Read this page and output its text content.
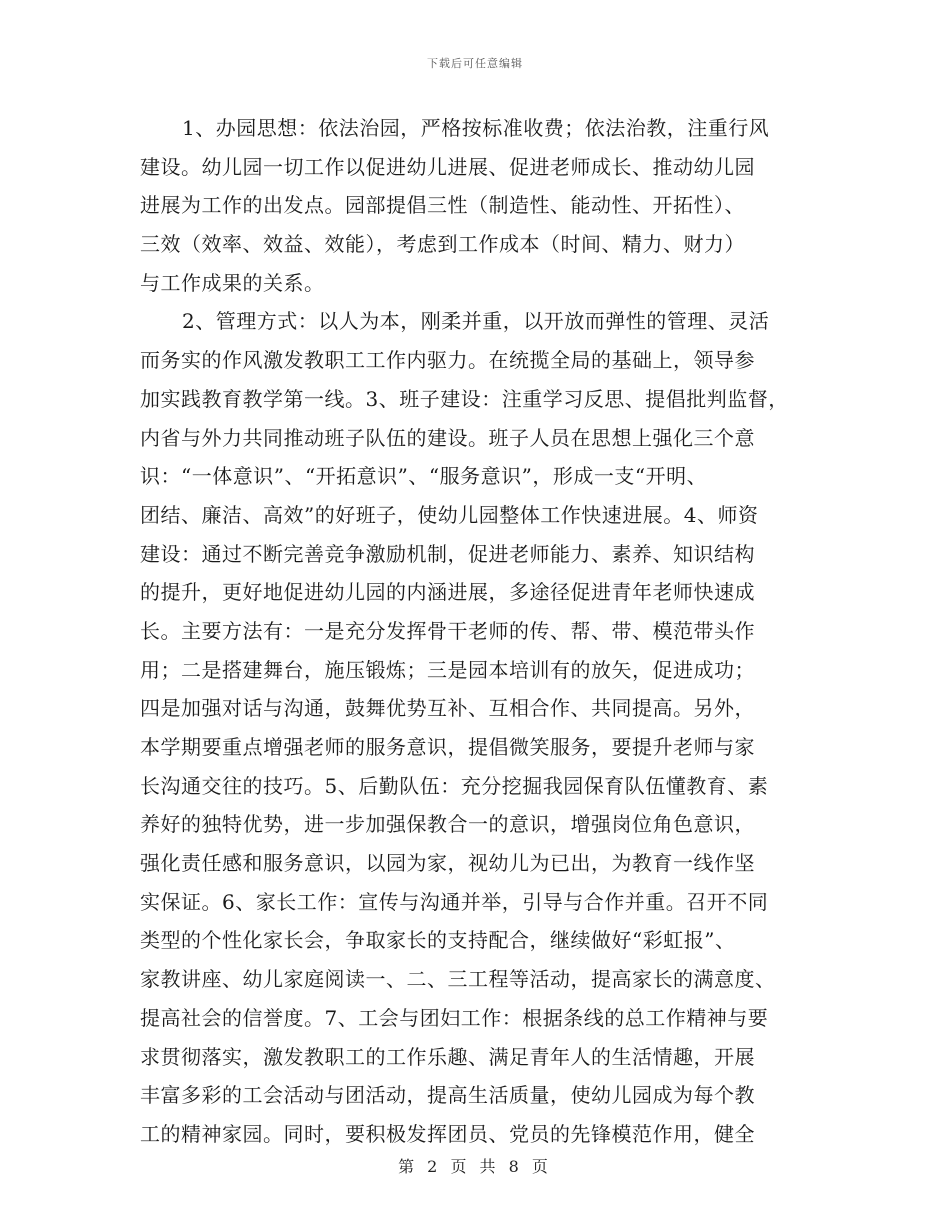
下载后可任意编辑
1、办园思想：依法治园，严格按标准收费；依法治教，注重行风
建设。幼儿园一切工作以促进幼儿进展、促进老师成长、推动幼儿园
进展为工作的出发点。园部提倡三性（制造性、能动性、开拓性）、
三效（效率、效益、效能），考虑到工作成本（时间、精力、财力）
与工作成果的关系。
2、管理方式：以人为本，刚柔并重，以开放而弹性的管理、灵活
而务实的作风激发教职工工作内驱力。在统揽全局的基础上，领导参
加实践教育教学第一线。3、班子建设：注重学习反思、提倡批判监督，
内省与外力共同推动班子队伍的建设。班子人员在思想上强化三个意
识：“一体意识”、“开拓意识”、“服务意识”，形成一支“开明、
团结、廉洁、高效”的好班子，使幼儿园整体工作快速进展。4、师资
建设：通过不断完善竞争激励机制，促进老师能力、素养、知识结构
的提升，更好地促进幼儿园的内涵进展，多途径促进青年老师快速成
长。主要方法有：一是充分发挥骨干老师的传、帮、带、模范带头作
用；二是搭建舞台，施压锻炼；三是园本培训有的放矢，促进成功；
四是加强对话与沟通，鼓舞优势互补、互相合作、共同提高。另外，
本学期要重点增强老师的服务意识，提倡微笑服务，要提升老师与家
长沟通交往的技巧。5、后勤队伍：充分挖掘我园保育队伍懂教育、素
养好的独特优势，进一步加强保教合一的意识，增强岗位角色意识，
强化责任感和服务意识，以园为家，视幼儿为已出，为教育一线作坚
实保证。6、家长工作：宣传与沟通并举，引导与合作并重。召开不同
类型的个性化家长会，争取家长的支持配合，继续做好“彩虹报”、
家教讲座、幼儿家庭阅读一、二、三工程等活动，提高家长的满意度、
提高社会的信誉度。7、工会与团妇工作：根据条线的总工作精神与要
求贯彻落实，激发教职工的工作乐趣、满足青年人的生活情趣，开展
丰富多彩的工会活动与团活动，提高生活质量，使幼儿园成为每个教
工的精神家园。同时，要积极发挥团员、党员的先锋模范作用，健全
第 2 页 共 8 页
